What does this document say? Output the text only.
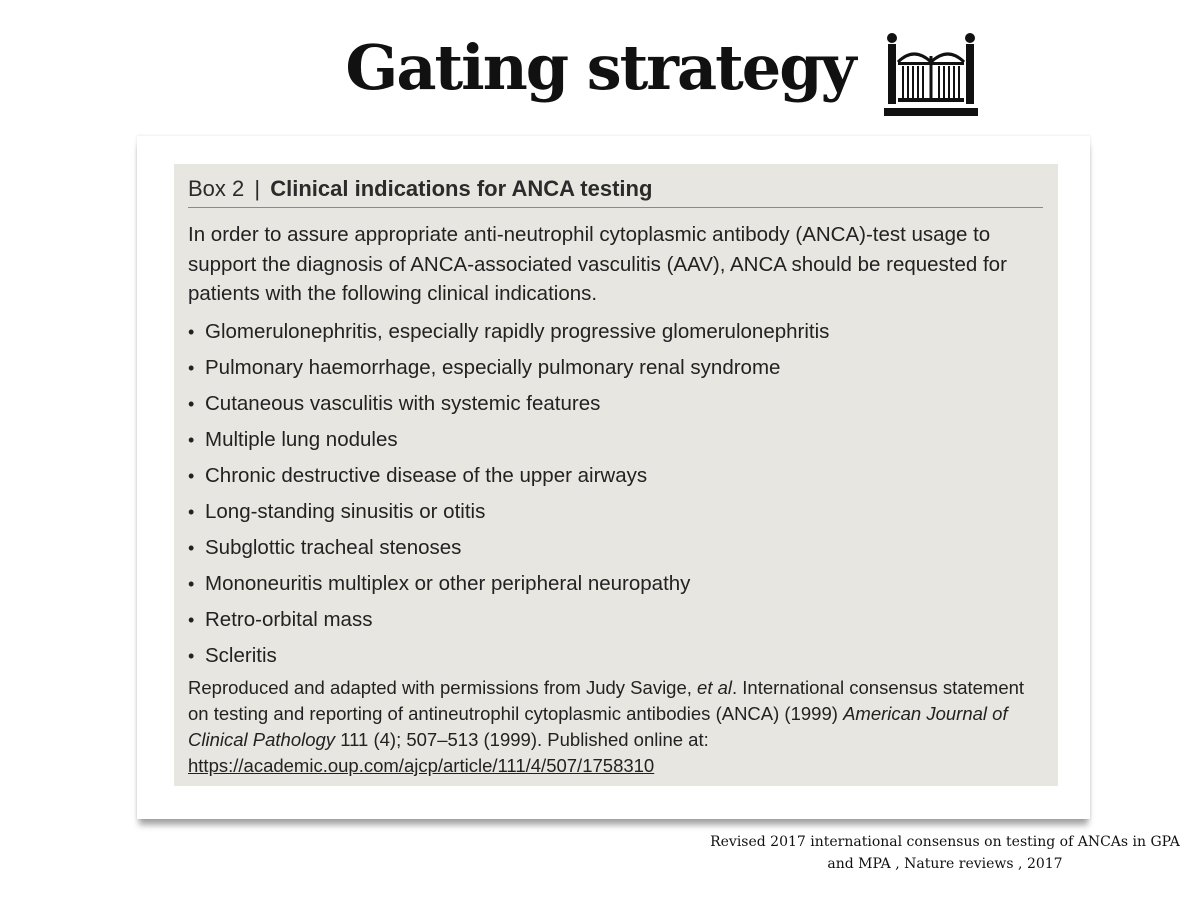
Gating strategy
Box 2 | Clinical indications for ANCA testing

In order to assure appropriate anti-neutrophil cytoplasmic antibody (ANCA)-test usage to support the diagnosis of ANCA-associated vasculitis (AAV), ANCA should be requested for patients with the following clinical indications.

• Glomerulonephritis, especially rapidly progressive glomerulonephritis
• Pulmonary haemorrhage, especially pulmonary renal syndrome
• Cutaneous vasculitis with systemic features
• Multiple lung nodules
• Chronic destructive disease of the upper airways
• Long-standing sinusitis or otitis
• Subglottic tracheal stenoses
• Mononeuritis multiplex or other peripheral neuropathy
• Retro-orbital mass
• Scleritis

Reproduced and adapted with permissions from Judy Savige, et al. International consensus statement on testing and reporting of antineutrophil cytoplasmic antibodies (ANCA) (1999) American Journal of Clinical Pathology 111 (4); 507–513 (1999). Published online at: https://academic.oup.com/ajcp/article/111/4/507/1758310

Revised 2017 international consensus on testing of ANCAs in GPA and MPA , Nature reviews , 2017
